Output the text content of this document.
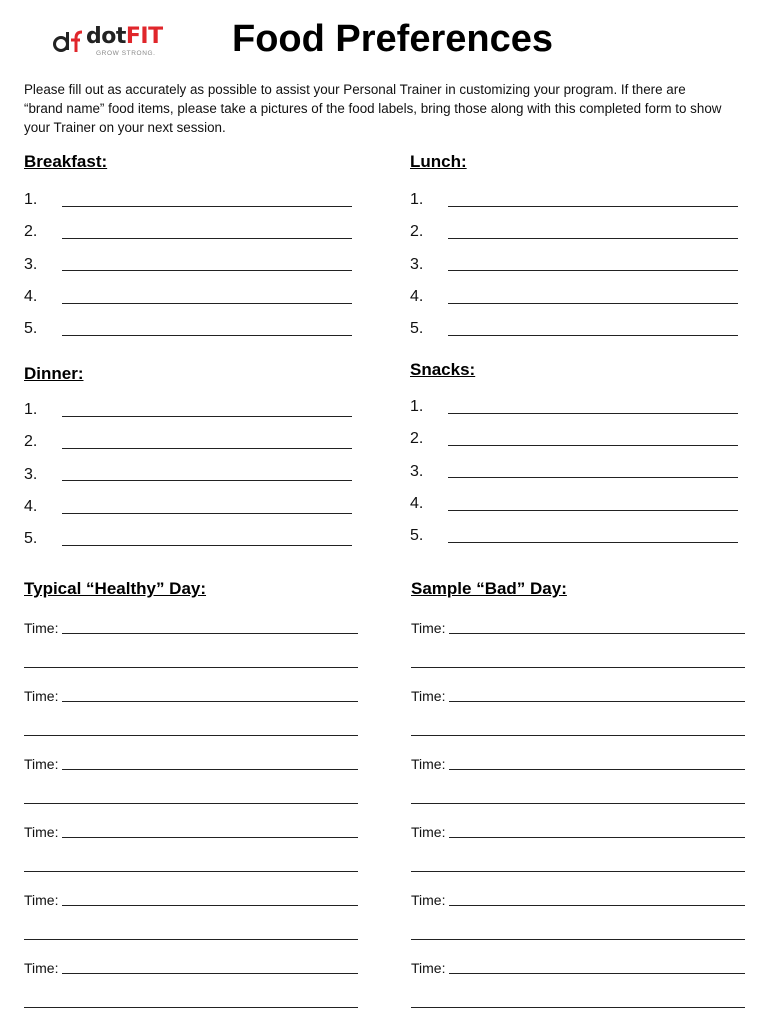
dotFIT
GROW STRONG. Food Preferences
Please fill out as accurately as possible to assist your Personal Trainer in customizing your program. If there are “brand name” food items, please take a pictures of the food labels, bring those along with this completed form to show your Trainer on your next session.
Breakfast:
1.
2.
3.
4.
5.
Lunch:
1.
2.
3.
4.
5.
Dinner:
1.
2.
3.
4.
5.
Snacks:
1.
2.
3.
4.
5.
Typical “Healthy” Day:
Time:
Time:
Time:
Time:
Time:
Time:
Sample “Bad” Day:
Time:
Time:
Time:
Time:
Time:
Time:
